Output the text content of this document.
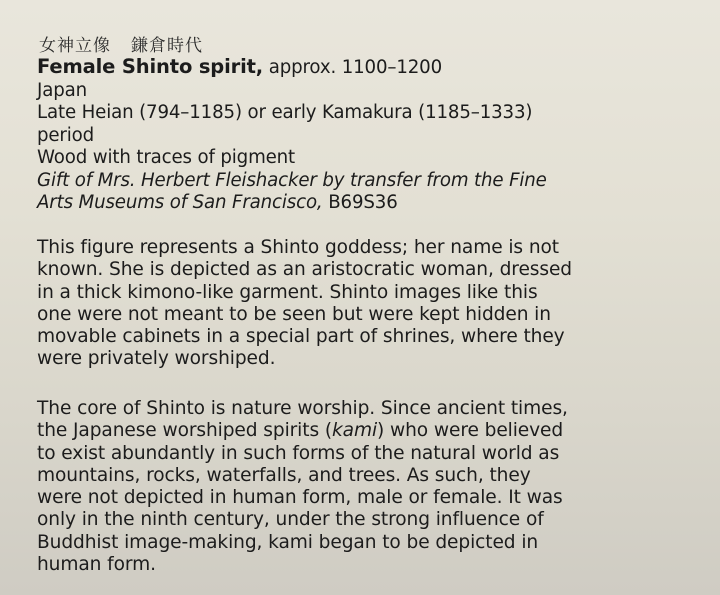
女神立像 鎌倉時代
Female Shinto spirit, approx. 1100–1200
Japan
Late Heian (794–1185) or early Kamakura (1185–1333)
period
Wood with traces of pigment
Gift of Mrs. Herbert Fleishacker by transfer from the Fine
Arts Museums of San Francisco, B69S36
This figure represents a Shinto goddess; her name is not
known. She is depicted as an aristocratic woman, dressed
in a thick kimono-like garment. Shinto images like this
one were not meant to be seen but were kept hidden in
movable cabinets in a special part of shrines, where they
were privately worshiped.
The core of Shinto is nature worship. Since ancient times,
the Japanese worshiped spirits (kami) who were believed
to exist abundantly in such forms of the natural world as
mountains, rocks, waterfalls, and trees. As such, they
were not depicted in human form, male or female. It was
only in the ninth century, under the strong influence of
Buddhist image-making, kami began to be depicted in
human form.
